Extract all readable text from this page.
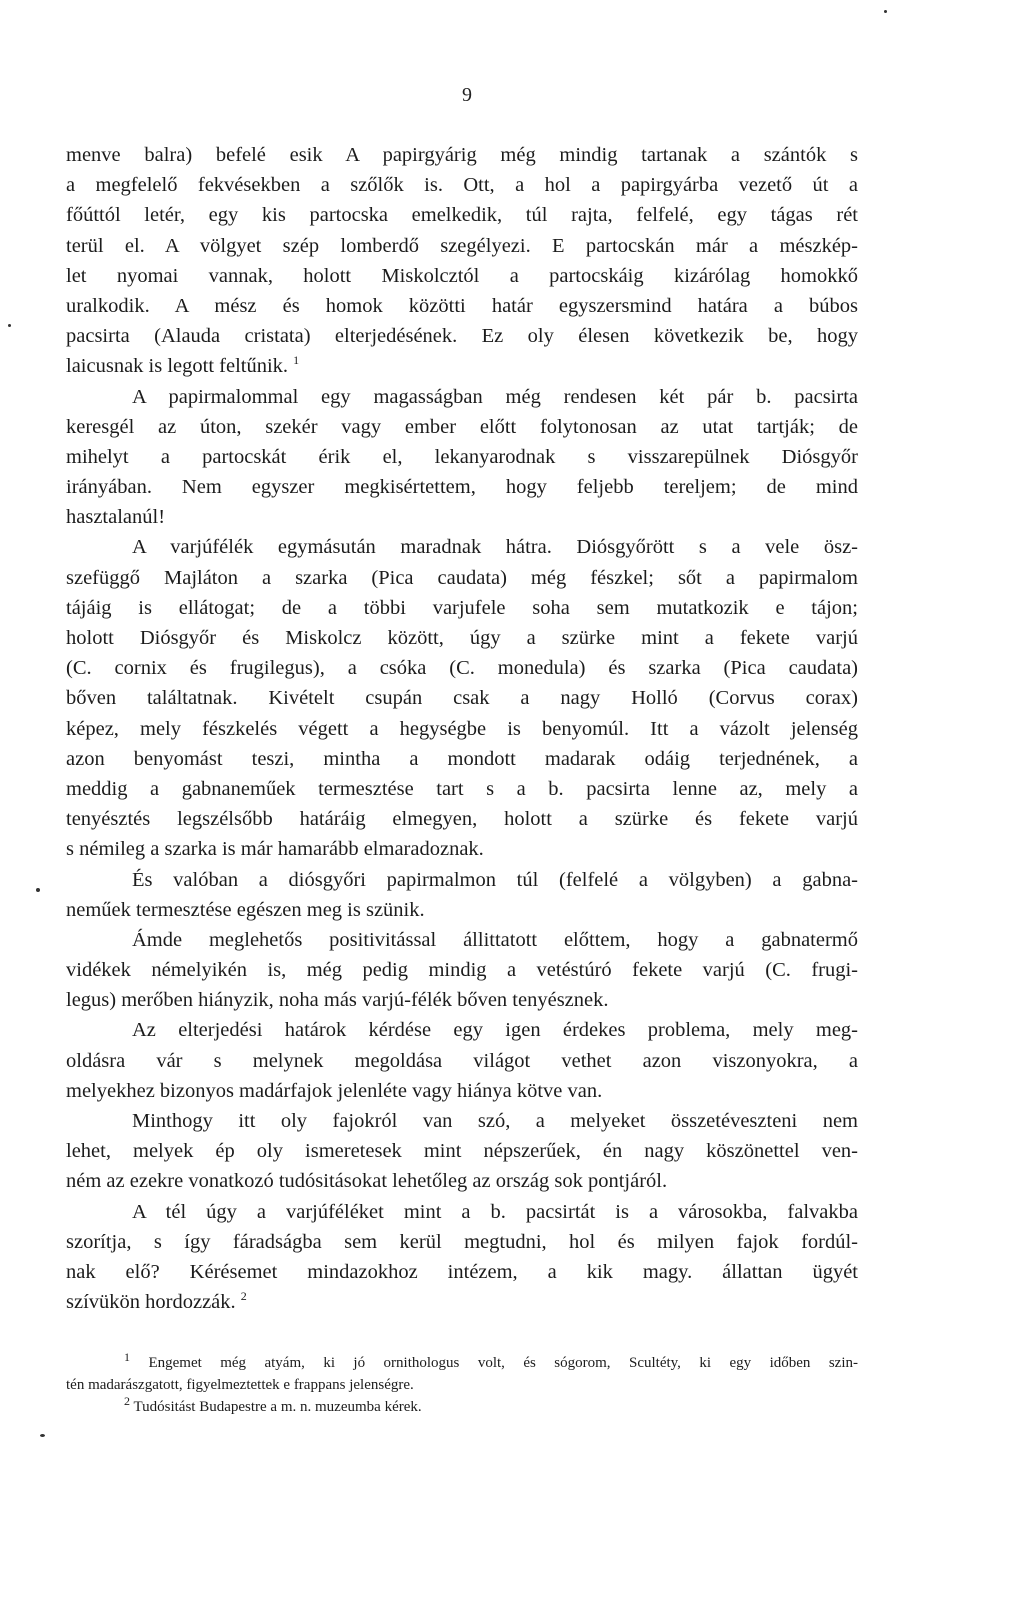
9
menve balra) befelé esik A papirgyárig még mindig tartanak a szántók s
a megfelelő fekvésekben a szőlők is. Ott, a hol a papirgyárba vezető út a
főúttól letér, egy kis partocska emelkedik, túl rajta, felfelé, egy tágas rét
terül el. A völgyet szép lomberdő szegélyezi. E partocskán már a mészkép-
let nyomai vannak, holott Miskolcztól a partocskáig kizárólag homokkő
uralkodik. A mész és homok közötti határ egyszersmind határa a búbos
pacsirta (Alauda cristata) elterjedésének. Ez oly élesen következik be, hogy
laicusnak is legott feltűnik. $^1$
A papirmalommal egy magasságban még rendesen két pár b. pacsirta
keresgél az úton, szekér vagy ember előtt folytonosan az utat tartják; de
mihelyt a partocskát érik el, lekanyarodnak s visszarepülnek Diósgyőr
irányában. Nem egyszer megkisértettem, hogy feljebb tereljem; de mind
hasztalanúl!
A varjúfélék egymásután maradnak hátra. Diósgyőrött s a vele ösz-
szefüggő Majláton a szarka (Pica caudata) még fészkel; sőt a papirmalom
tájáig is ellátogat; de a többi varjufele soha sem mutatkozik e tájon;
holott Diósgyőr és Miskolcz között, úgy a szürke mint a fekete varjú
(C. cornix és frugilegus), a csóka (C. monedula) és szarka (Pica caudata)
bőven találtatnak. Kivételt csupán csak a nagy Holló (Corvus corax)
képez, mely fészkelés végett a hegységbe is benyomúl. Itt a vázolt jelenség
azon benyomást teszi, mintha a mondott madarak odáig terjednének, a
meddig a gabnaneműek termesztése tart s a b. pacsirta lenne az, mely a
tenyésztés legszélsőbb határáig elmegyen, holott a szürke és fekete varjú
s némileg a szarka is már hamarább elmaradoznak.
És valóban a diósgyőri papirmalmon túl (felfelé a völgyben) a gabna-
neműek termesztése egészen meg is szünik.
Ámde meglehetős positivitással állittatott előttem, hogy a gabnatermő
vidékek némelyikén is, még pedig mindig a vetéstúró fekete varjú (C. frugi-
legus) merőben hiányzik, noha más varjú-félék bőven tenyésznek.
Az elterjedési határok kérdése egy igen érdekes problema, mely meg-
oldásra vár s melynek megoldása világot vethet azon viszonyokra, a
melyekhez bizonyos madárfajok jelenléte vagy hiánya kötve van.
Minthogy itt oly fajokról van szó, a melyeket összetéveszteni nem
lehet, melyek ép oly ismeretesek mint népszerűek, én nagy köszönettel ven-
ném az ezekre vonatkozó tudósitásokat lehetőleg az ország sok pontjáról.
A tél úgy a varjúféléket mint a b. pacsirtát is a városokba, falvakba
szorítja, s így fáradságba sem kerül megtudni, hol és milyen fajok fordúl-
nak elő? Kérésemet mindazokhoz intézem, a kik magy. állattan ügyét
szívükön hordozzák. $^2$
$^1$ Engemet még atyám, ki jó ornithologus volt, és sógorom, Scultéty, ki egy időben szin-
tén madarászgatott, figyelmeztettek e frappans jelenségre.
$^2$ Tudósitást Budapestre a m. n. muzeumba kérek.
